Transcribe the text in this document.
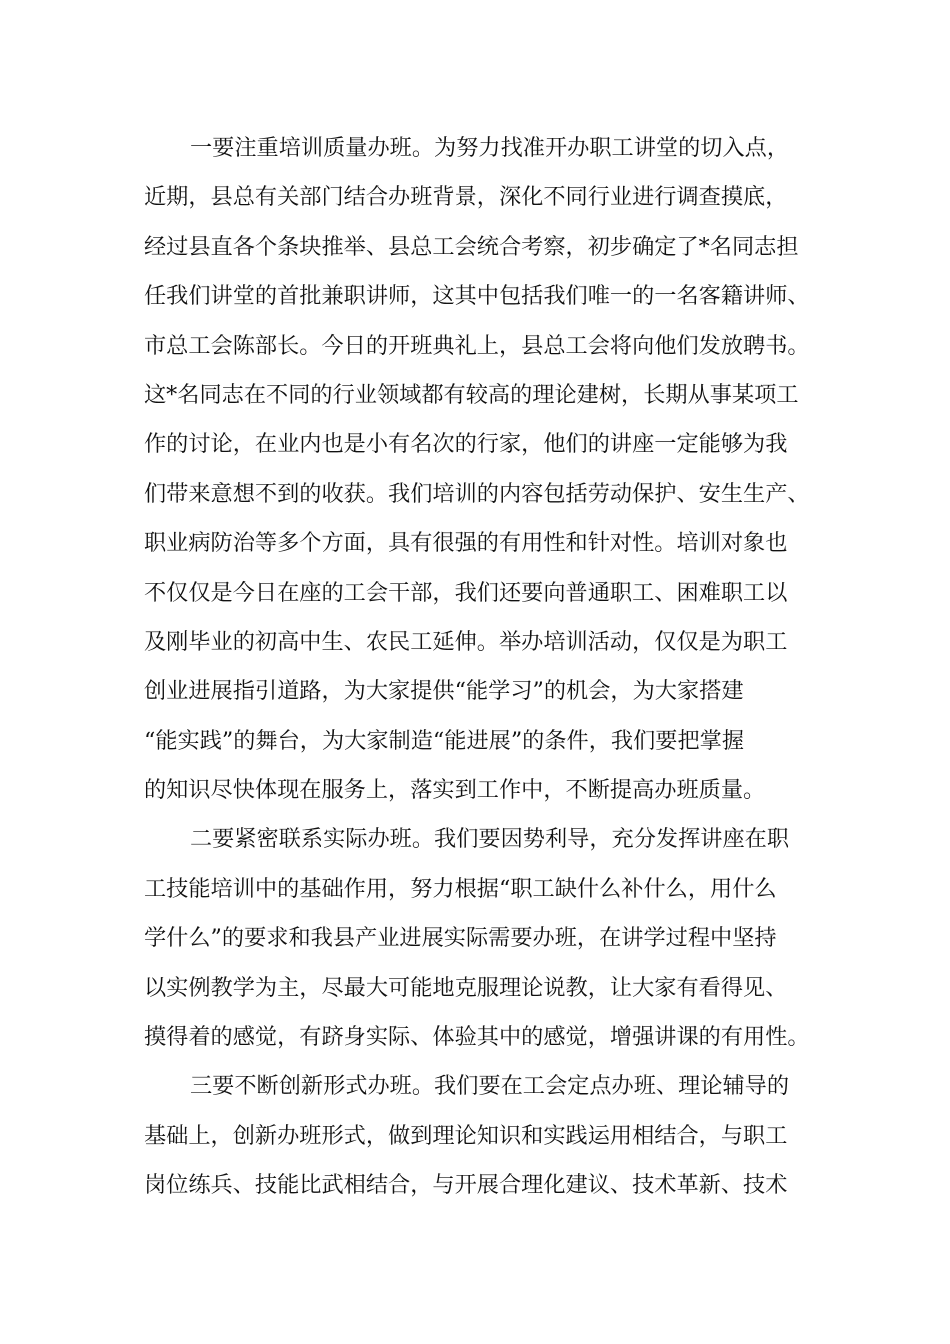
一要注重培训质量办班。为努力找准开办职工讲堂的切入点，
近期，县总有关部门结合办班背景，深化不同行业进行调查摸底，
经过县直各个条块推举、县总工会统合考察，初步确定了*名同志担
任我们讲堂的首批兼职讲师，这其中包括我们唯一的一名客籍讲师、
市总工会陈部长。今日的开班典礼上，县总工会将向他们发放聘书。
这*名同志在不同的行业领域都有较高的理论建树，长期从事某项工
作的讨论，在业内也是小有名次的行家，他们的讲座一定能够为我
们带来意想不到的收获。我们培训的内容包括劳动保护、安生生产、
职业病防治等多个方面，具有很强的有用性和针对性。培训对象也
不仅仅是今日在座的工会干部，我们还要向普通职工、困难职工以
及刚毕业的初高中生、农民工延伸。举办培训活动，仅仅是为职工
创业进展指引道路，为大家提供“能学习”的机会，为大家搭建
“能实践”的舞台，为大家制造“能进展”的条件，我们要把掌握
的知识尽快体现在服务上，落实到工作中，不断提高办班质量。
二要紧密联系实际办班。我们要因势利导，充分发挥讲座在职
工技能培训中的基础作用，努力根据“职工缺什么补什么，用什么
学什么”的要求和我县产业进展实际需要办班，在讲学过程中坚持
以实例教学为主，尽最大可能地克服理论说教，让大家有看得见、
摸得着的感觉，有跻身实际、体验其中的感觉，增强讲课的有用性。
三要不断创新形式办班。我们要在工会定点办班、理论辅导的
基础上，创新办班形式，做到理论知识和实践运用相结合，与职工
岗位练兵、技能比武相结合，与开展合理化建议、技术革新、技术
